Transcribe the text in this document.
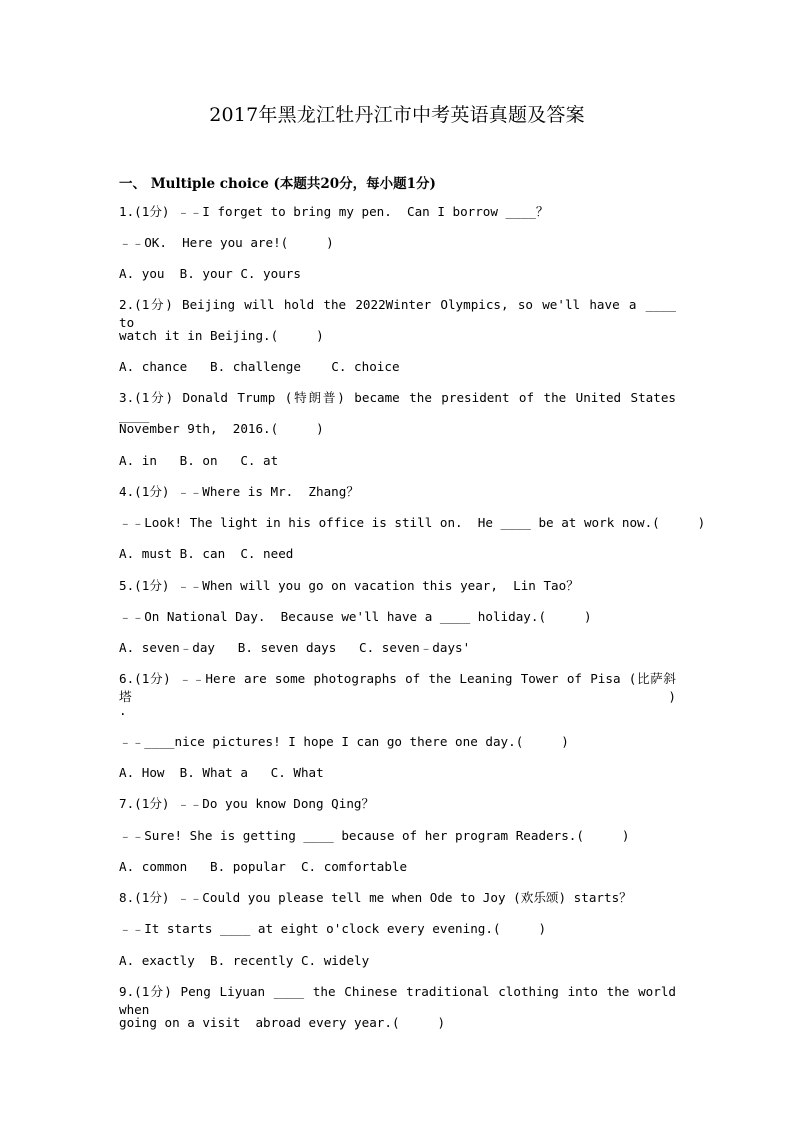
2017年黑龙江牡丹江市中考英语真题及答案
一、 Multiple choice (本题共20分，每小题1分)
1.(1分) ﹣﹣I forget to bring my pen.  Can I borrow ____？
﹣﹣OK.  Here you are!(     )
A. you  B. your C. yours
2.(1分) Beijing will hold the 2022Winter Olympics, so we'll have a ____ to
watch it in Beijing.(     )
A. chance   B. challenge    C. choice
3.(1分) Donald Trump (特朗普) became the president of the United States ____
November 9th,  2016.(     )
A. in   B. on   C. at
4.(1分) ﹣﹣Where is Mr.  Zhang？
﹣﹣Look! The light in his office is still on.  He ____ be at work now.(     )
A. must B. can  C. need
5.(1分) ﹣﹣When will you go on vacation this year,  Lin Tao？
﹣﹣On National Day.  Because we'll have a ____ holiday.(     )
A. seven﹣day   B. seven days   C. seven﹣days'
6.(1分) ﹣﹣Here are some photographs of the Leaning Tower of Pisa (比萨斜塔)
.
﹣﹣____nice pictures! I hope I can go there one day.(     )
A. How  B. What a   C. What
7.(1分) ﹣﹣Do you know Dong Qing？
﹣﹣Sure! She is getting ____ because of her program Readers.(     )
A. common   B. popular  C. comfortable
8.(1分) ﹣﹣Could you please tell me when Ode to Joy (欢乐颂) starts？
﹣﹣It starts ____ at eight o'clock every evening.(     )
A. exactly  B. recently C. widely
9.(1分) Peng Liyuan ____ the Chinese traditional clothing into the world when
going on a visit  abroad every year.(     )
